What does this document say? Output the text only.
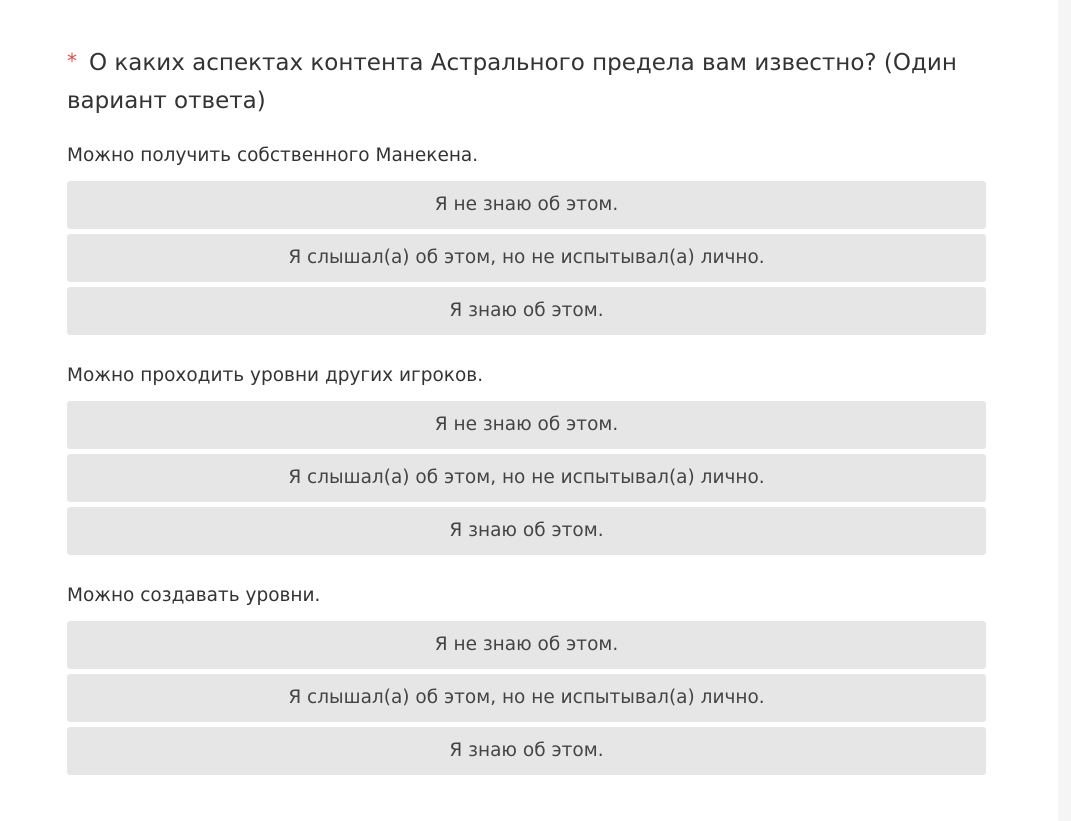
* О каких аспектах контента Астрального предела вам известно? (Один вариант ответа)

Можно получить собственного Манекена.

Я не знаю об этом.
Я слышал(а) об этом, но не испытывал(а) лично.
Я знаю об этом.

Можно проходить уровни других игроков.

Я не знаю об этом.
Я слышал(а) об этом, но не испытывал(а) лично.
Я знаю об этом.

Можно создавать уровни.

Я не знаю об этом.
Я слышал(а) об этом, но не испытывал(а) лично.
Я знаю об этом.
